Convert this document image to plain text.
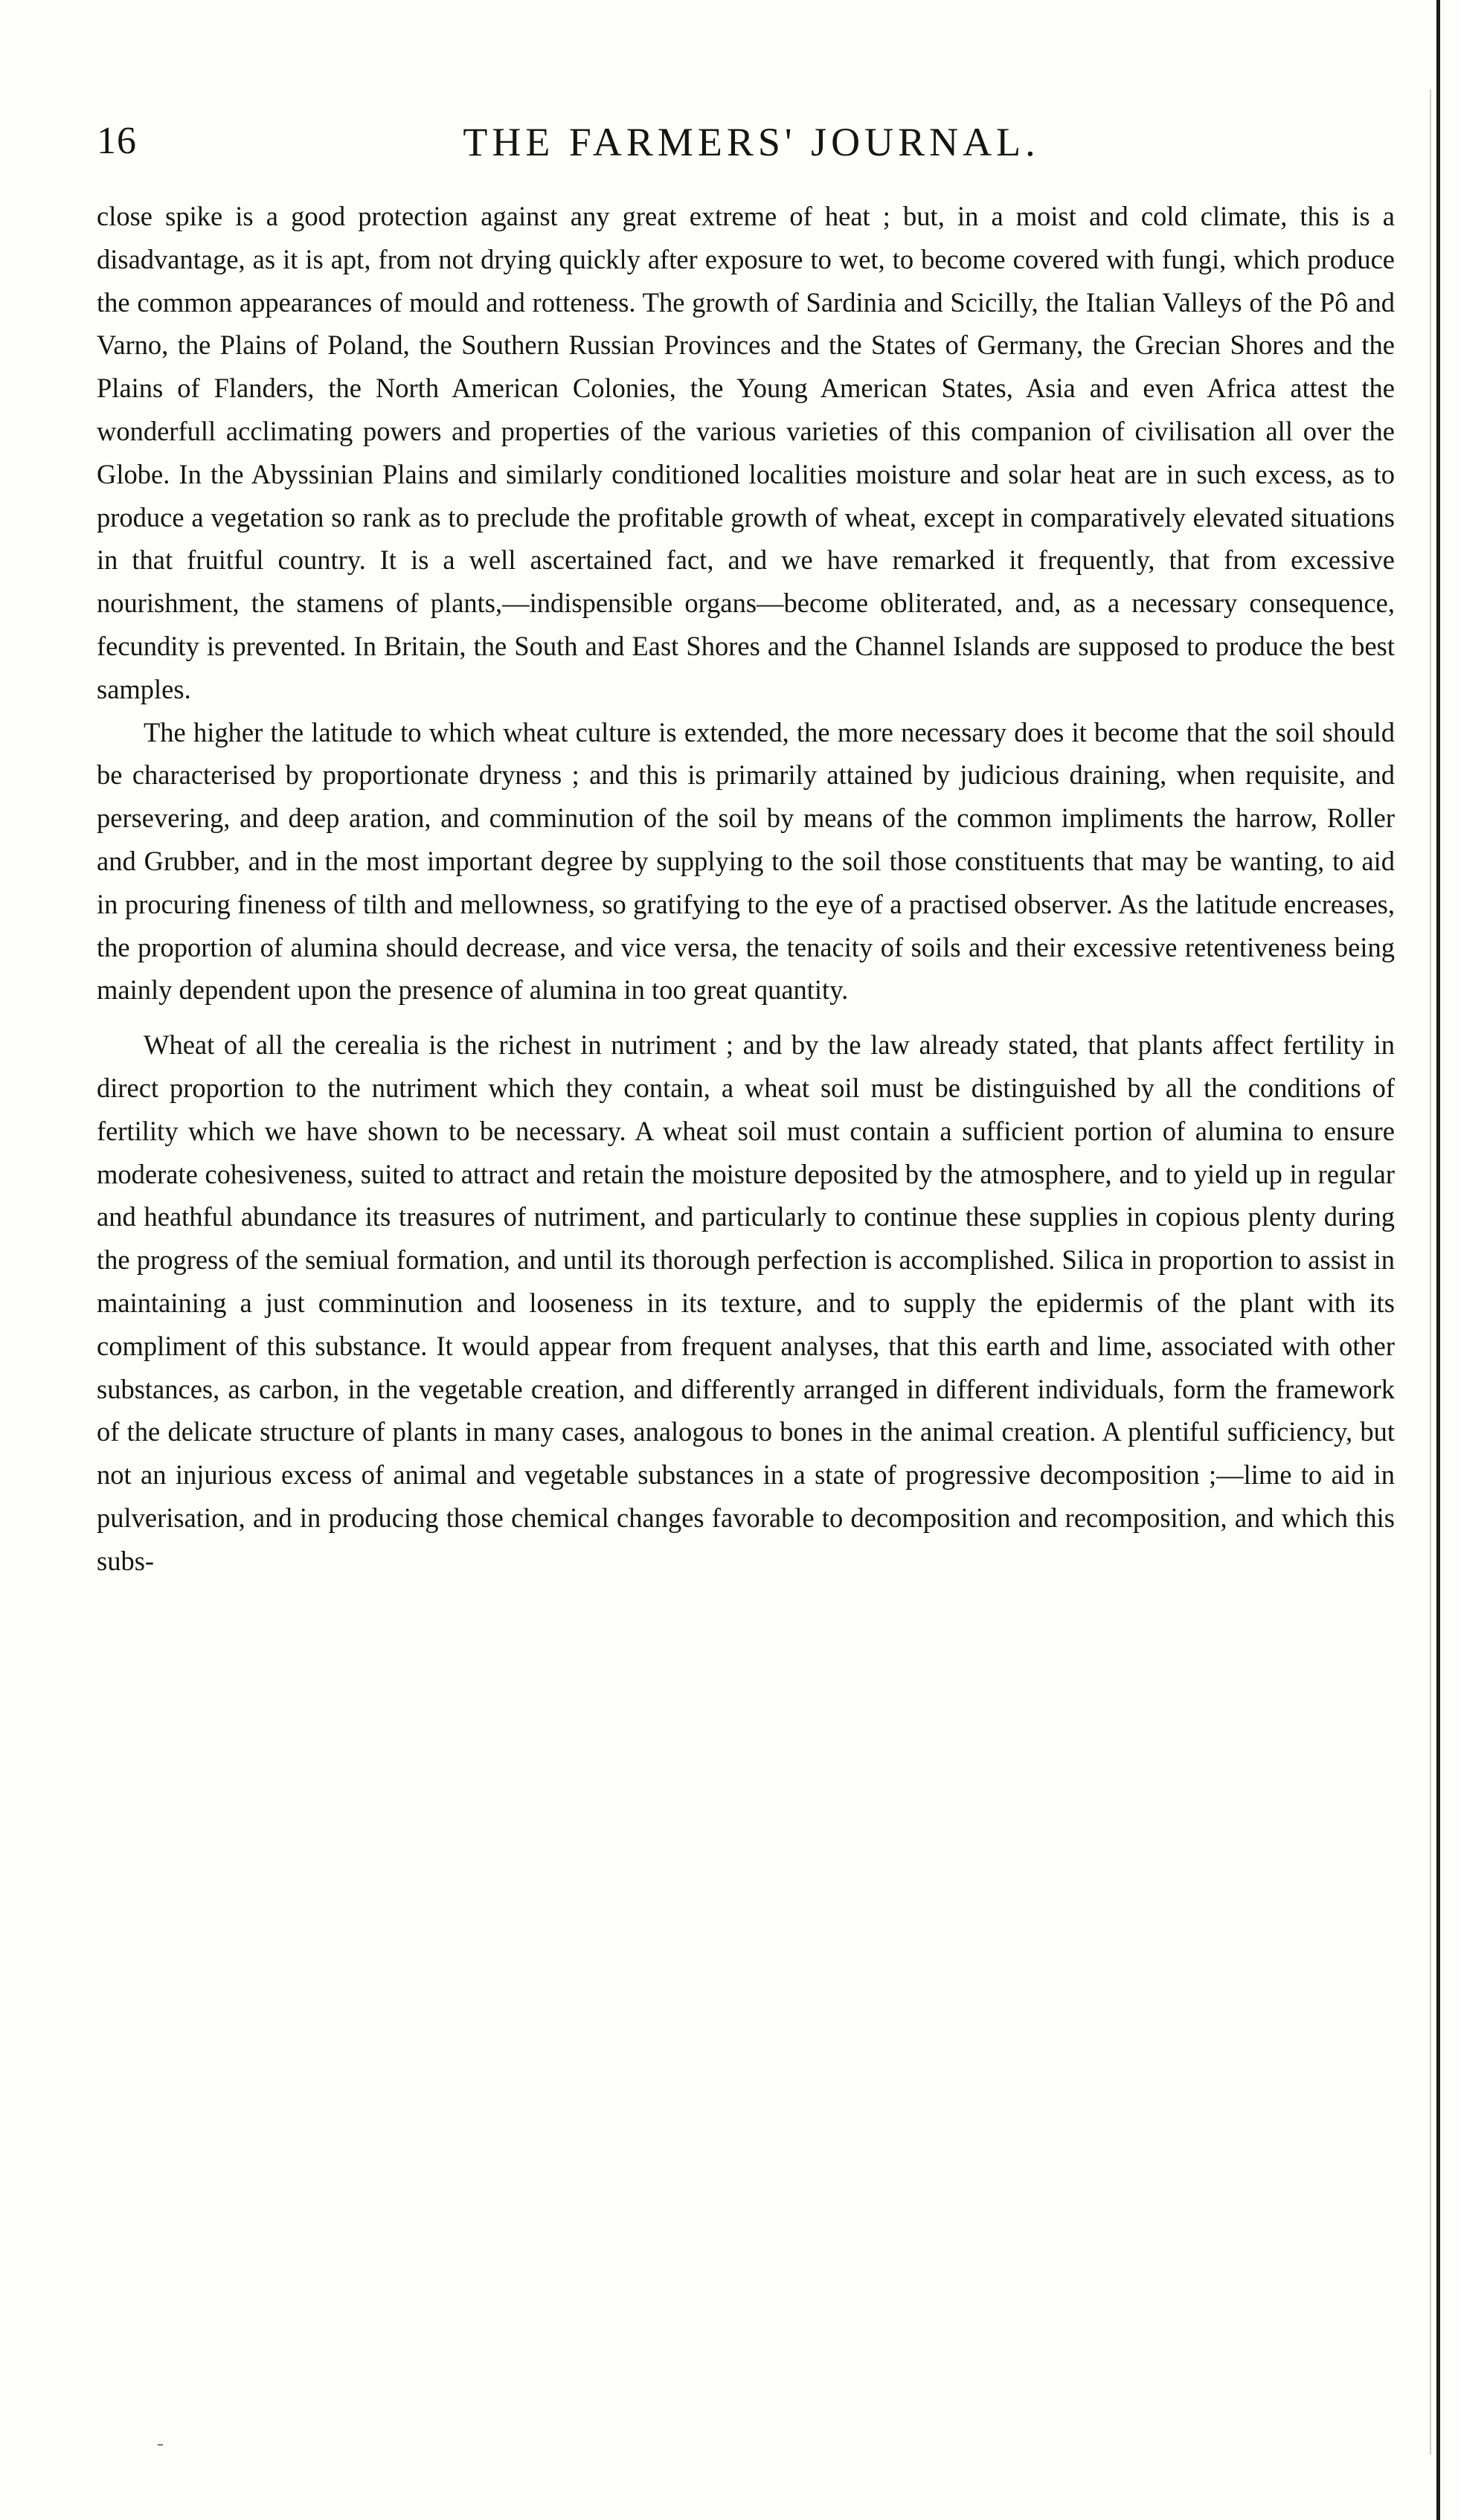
16	THE FARMERS' JOURNAL.

close spike is a good protection against any great extreme of heat ; but, in a moist and cold climate, this is a disadvantage, as it is apt, from not drying quickly after exposure to wet, to become covered with fungi, which produce the common appearances of mould and rotteness. The growth of Sardinia and Scicilly, the Italian Valleys of the Pô and Varno, the Plains of Poland, the Southern Russian Provinces and the States of Germany, the Grecian Shores and the Plains of Flanders, the North American Colonies, the Young American States, Asia and even Africa attest the wonderfull acclimating powers and properties of the various varieties of this companion of civilisation all over the Globe. In the Abyssinian Plains and similarly conditioned localities moisture and solar heat are in such excess, as to produce a vegetation so rank as to preclude the profitable growth of wheat, except in comparatively elevated situations in that fruitful country. It is a well ascertained fact, and we have remarked it frequently, that from excessive nourishment, the stamens of plants,—indispensible organs—become obliterated, and, as a necessary consequence, fecundity is prevented. In Britain, the South and East Shores and the Channel Islands are supposed to produce the best samples.

The higher the latitude to which wheat culture is extended, the more necessary does it become that the soil should be characterised by proportionate dryness ; and this is primarily attained by judicious draining, when requisite, and persevering, and deep aration, and comminution of the soil by means of the common impliments the harrow, Roller and Grubber, and in the most important degree by supplying to the soil those constituents that may be wanting, to aid in procuring fineness of tilth and mellowness, so gratifying to the eye of a practised observer. As the latitude encreases, the proportion of alumina should decrease, and vice versa, the tenacity of soils and their excessive retentiveness being mainly dependent upon the presence of alumina in too great quantity.

Wheat of all the cerealia is the richest in nutriment ; and by the law already stated, that plants affect fertility in direct proportion to the nutriment which they contain, a wheat soil must be distinguished by all the conditions of fertility which we have shown to be necessary. A wheat soil must contain a sufficient portion of alumina to ensure moderate cohesiveness, suited to attract and retain the moisture deposited by the atmosphere, and to yield up in regular and heathful abundance its treasures of nutriment, and particularly to continue these supplies in copious plenty during the progress of the semiual formation, and until its thorough perfection is accomplished. Silica in proportion to assist in maintaining a just comminution and looseness in its texture, and to supply the epidermis of the plant with its compliment of this substance. It would appear from frequent analyses, that this earth and lime, associated with other substances, as carbon, in the vegetable creation, and differently arranged in different individuals, form the framework of the delicate structure of plants in many cases, analogous to bones in the animal creation. A plentiful sufficiency, but not an injurious excess of animal and vegetable substances in a state of progressive decomposition ;—lime to aid in pulverisation, and in producing those chemical changes favorable to decomposition and recomposition, and which this subs-
